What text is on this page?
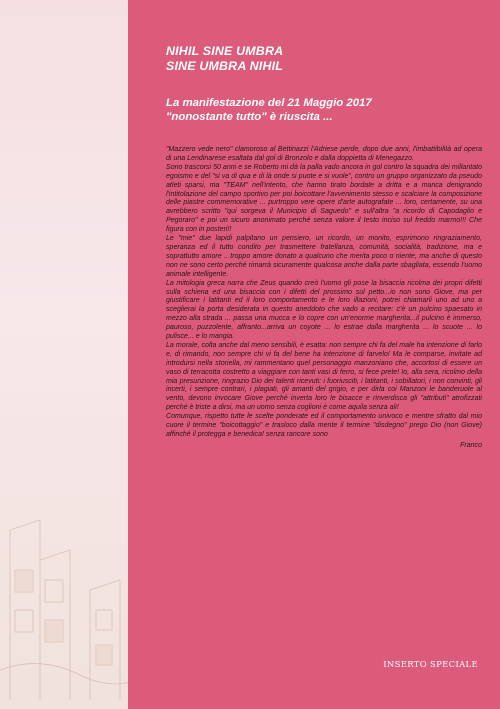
NIHIL SINE UMBRA
SINE UMBRA NIHIL
La manifestazione del 21 Maggio 2017
"nonostante tutto" è riuscita ...

"Mazzero vede nero" clamoroso al Bettinazzi l'Adriese perde, dopo due anni, l'imbattibilità ad opera di una Lendinarese esaltata dal gol di Bronzolo e dalla doppietta di Menegazzo.

Sono trascorsi 50 anni e se Roberto mi dà la palla vado ancora in gol contro la squadra dei millantato egoismo e del "si va di qua e di là onde si puote e si vuole", contro un gruppo organizzato da pseudo atleti sparsi, ma "TEAM" nell'intento, che hanno tirato bordate a dritta e a manca denigrando l'intitolazione del campo sportivo per poi boicottare l'avvenimento stesso e scalciare la composizione delle piastre commemorative ... purtroppo vere opere d'arte autografate ... loro, certamente, su una avrebbero scritto "qui sorgeva il Municipio di Saguedo" e sull'altra "a ricordo di Capodaglio e Pegoraro" e poi un sicuro anonimato perché senza valore il testo inciso sul freddo marmo!!! Che figura con in posteri!!

Le "mie" due lapidi palpitano un pensiero, un ricordo, un monito, esprimono ringraziamento, speranza ed il tutto condito per trasmettere fratellanza, comunità, socialità, tradizione, ma e soprattutto amore .. troppo amore donato a qualcuno che merita poco o niente, ma anche di questo non ne sono certo perché rimarrà sicuramente qualcosa anche dalla parte sbagliata, essendo l'uomo animale intelligente.

La mitologia greca narra che Zeus quando creò l'uomo gli pose la bisaccia ricolma dei propri difetti sulla schiena ed una bisaccia con i difetti del prossimo sul petto...io non sono Giove, ma per giustificare i latitanti ed il loro comportamento e le loro illazioni, potrei chiamarli uno ad uno a sceglierai la porta desiderata in questo aneddoto che vado a recitare: c'è un pulcino spaesato in mezzo alla strada ... passa una mucca e lo copre con un'enorme margherita...il pulcino è immerso, pauroso, puzzolente, affranto...arriva un coyote ... lo estrae dalla margherita ... lo scuote ... lo pulisce... e lo mangia.

La morale, colta anche dal meno sensibili, è esatta: non sempre chi fa del male ha intenzione di farlo e, di rimando, non sempre chi vi fa del bene ha intenzione di farvelo! Ma le comparse, invitate ad introdursi nella storiella, mi rammentano quel personaggio manzoniano che, accortosi di essere un vaso di terracotta costretto a viaggiare con tanti vasi di ferro, si fece prete! Io, alla sera, ricolmo della mia presunzione, ringrazio Dio dei talenti ricevuti: i fuoriusciti, i latitanti, i sobillatori, i non convinti, gli incerti, i sempre contrari, i plagiati, gli amanti del grigio, e per dirla coi Manzoni le banderuole al vento, devono invocare Giove perché inverta loro le bisacce e rinverdisca gli "attributi" atrofizzati perché è triste a dirsi, ma un uomo senza coglioni è come aquila senza ali!

Comunque, rispetto tutte le scelte ponderate ed il comportamento univoco e mentre sfratto dal mio cuore il termine "boicottaggio" e trasloco dalla mente il termine "disdegno" prego Dio (non Giove) affinché il protegga e benedica! senza rancore sono

Franco
INSERTO SPECIALE
